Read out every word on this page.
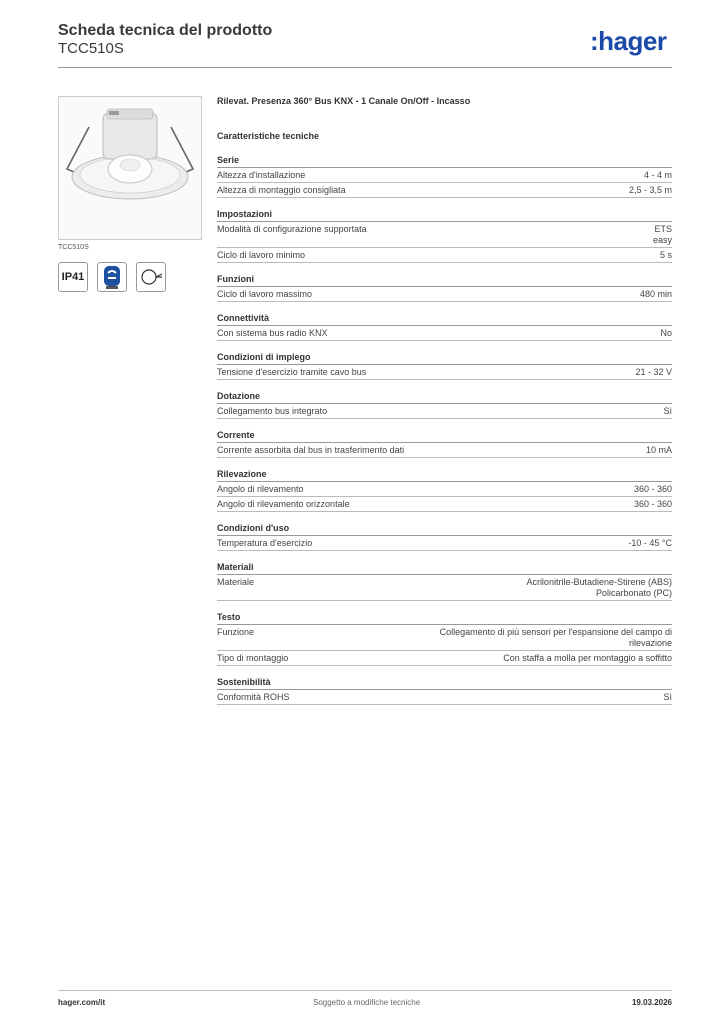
Scheda tecnica del prodotto
TCC510S	:hager
TCC510S
IP41
Rilevat. Presenza 360° Bus KNX - 1 Canale On/Off - Incasso
Caratteristiche tecniche
Serie
Altezza d'installazione	4 - 4 m
Altezza di montaggio consigliata	2,5 - 3,5 m
Impostazioni
Modalità di configurazione supportata	ETS
easy
Ciclo di lavoro minimo	5 s
Funzioni
Ciclo di lavoro massimo	480 min
Connettività
Con sistema bus radio KNX	No
Condizioni di impiego
Tensione d'esercizio tramite cavo bus	21 - 32 V
Dotazione
Collegamento bus integrato	Sì
Corrente
Corrente assorbita dal bus in trasferimento dati	10 mA
Rilevazione
Angolo di rilevamento	360 - 360
Angolo di rilevamento orizzontale	360 - 360
Condizioni d'uso
Temperatura d'esercizio	-10 - 45 °C
Materiali
Materiale	Acrilonitrile-Butadiene-Stirene (ABS)
Policarbonato (PC)
Testo
Funzione	Collegamento di più sensori per l'espansione del campo di rilevazione
Tipo di montaggio	Con staffa a molla per montaggio a soffitto
Sostenibilità
Conformità ROHS	Sì
hager.com/it	Soggetto a modifiche tecniche	19.03.2026
